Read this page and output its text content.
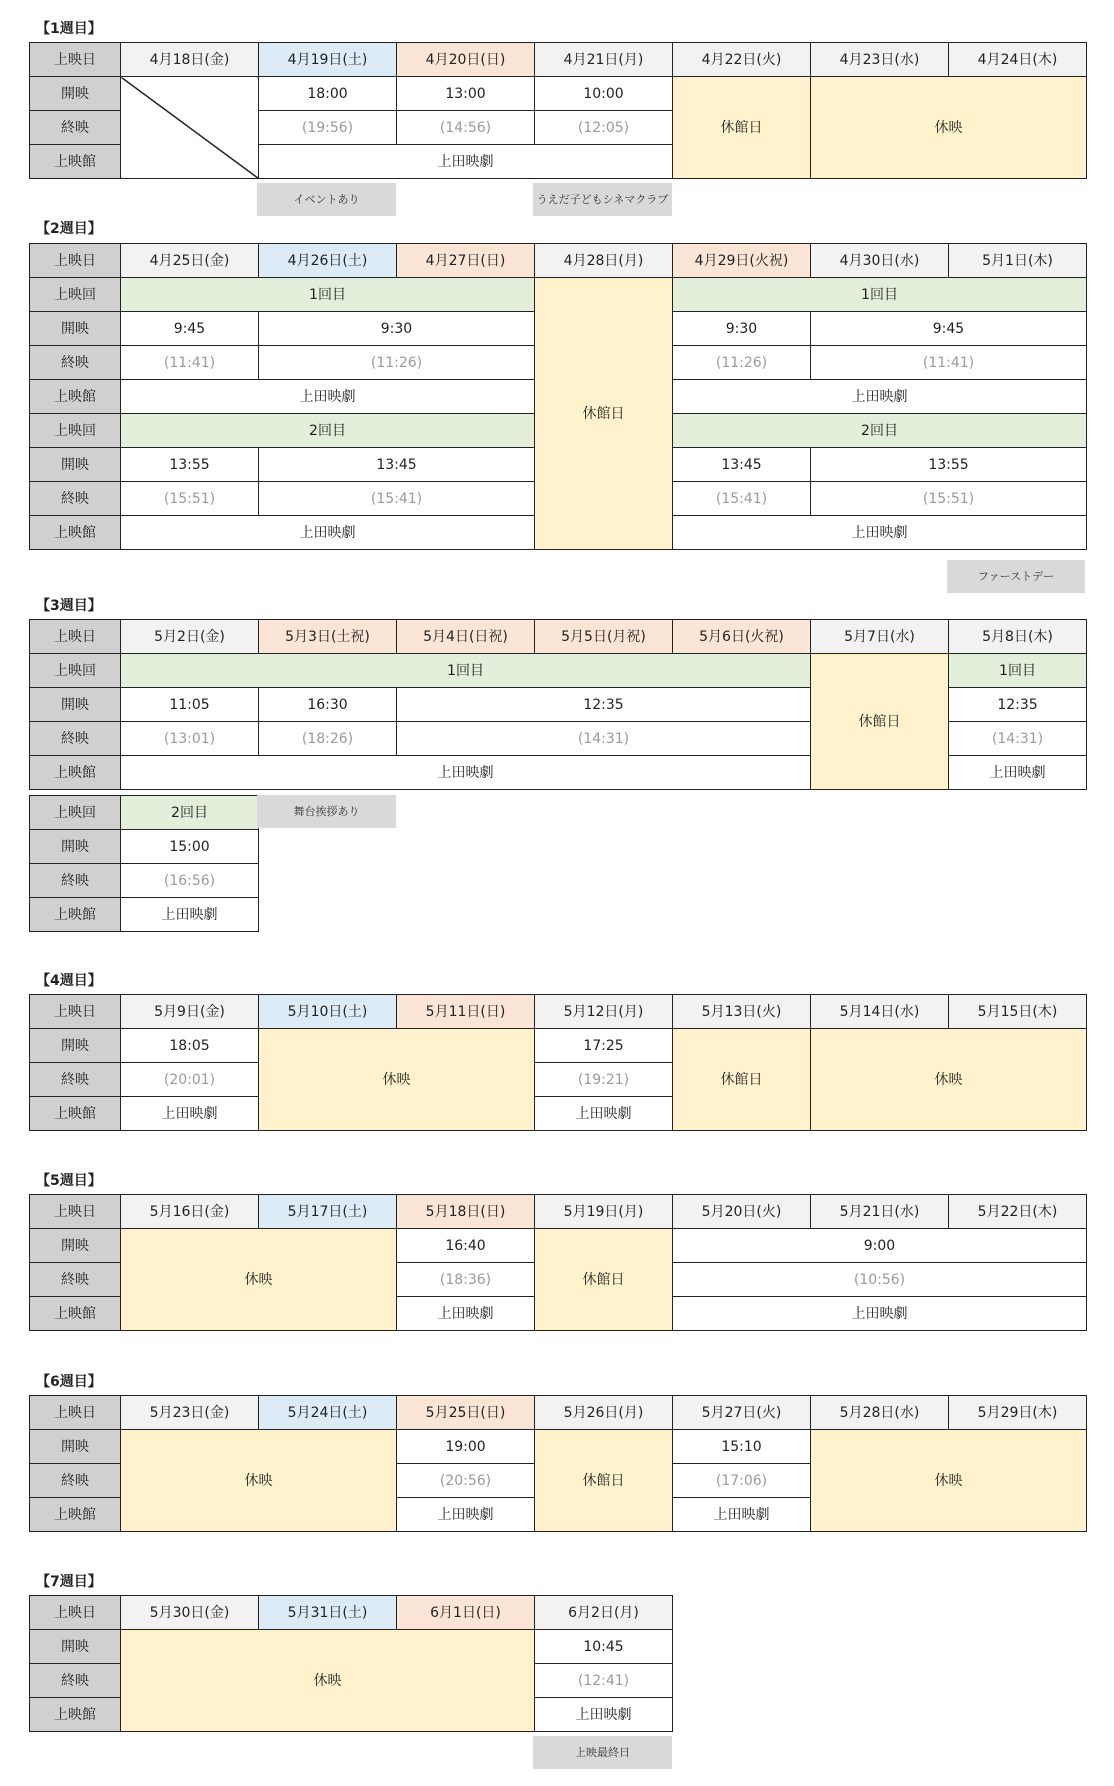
【1週目】
上映日	4月18日(金)	4月19日(土)	4月20日(日)	4月21日(月)	4月22日(火)	4月23日(水)	4月24日(木)
開映		18:00	13:00	10:00	休館日	休映	
終映		(19:56)	(14:56)	(12:05)			
上映館		上田映劇					
イベントあり	うえだ子どもシネマクラブ
【2週目】
上映日	4月25日(金)	4月26日(土)	4月27日(日)	4月28日(月)	4月29日(火祝)	4月30日(水)	5月1日(木)
上映回	1回目			休館日	1回目		
開映	9:45	9:30			9:30	9:45	
終映	(11:41)	(11:26)			(11:26)	(11:41)	
上映館	上田映劇				上田映劇		
上映回	2回目				2回目		
開映	13:55	13:45			13:45	13:55	
終映	(15:51)	(15:41)			(15:41)	(15:51)	
上映館	上田映劇				上田映劇		
ファーストデー
【3週目】
上映日	5月2日(金)	5月3日(土祝)	5月4日(日祝)	5月5日(月祝)	5月6日(火祝)	5月7日(水)	5月8日(木)
上映回	1回目					休館日	1回目
開映	11:05	16:30	12:35				12:35
終映	(13:01)	(18:26)	(14:31)				(14:31)
上映館	上田映劇						上田映劇
上映回	2回目
開映	15:00
終映	(16:56)
上映館	上田映劇
舞台挨拶あり
【4週目】
上映日	5月9日(金)	5月10日(土)	5月11日(日)	5月12日(月)	5月13日(火)	5月14日(水)	5月15日(木)
開映	18:05	休映		17:25	休館日	休映	
終映	(20:01)			(19:21)			
上映館	上田映劇			上田映劇			
【5週目】
上映日	5月16日(金)	5月17日(土)	5月18日(日)	5月19日(月)	5月20日(火)	5月21日(水)	5月22日(木)
開映	休映		16:40	休館日	9:00		
終映			(18:36)		(10:56)		
上映館			上田映劇		上田映劇		
【6週目】
上映日	5月23日(金)	5月24日(土)	5月25日(日)	5月26日(月)	5月27日(火)	5月28日(水)	5月29日(木)
開映	休映		19:00	休館日	15:10	休映	
終映			(20:56)		(17:06)		
上映館			上田映劇		上田映劇		
【7週目】
上映日	5月30日(金)	5月31日(土)	6月1日(日)	6月2日(月)
開映	休映			10:45
終映				(12:41)
上映館				上田映劇
上映最終日
